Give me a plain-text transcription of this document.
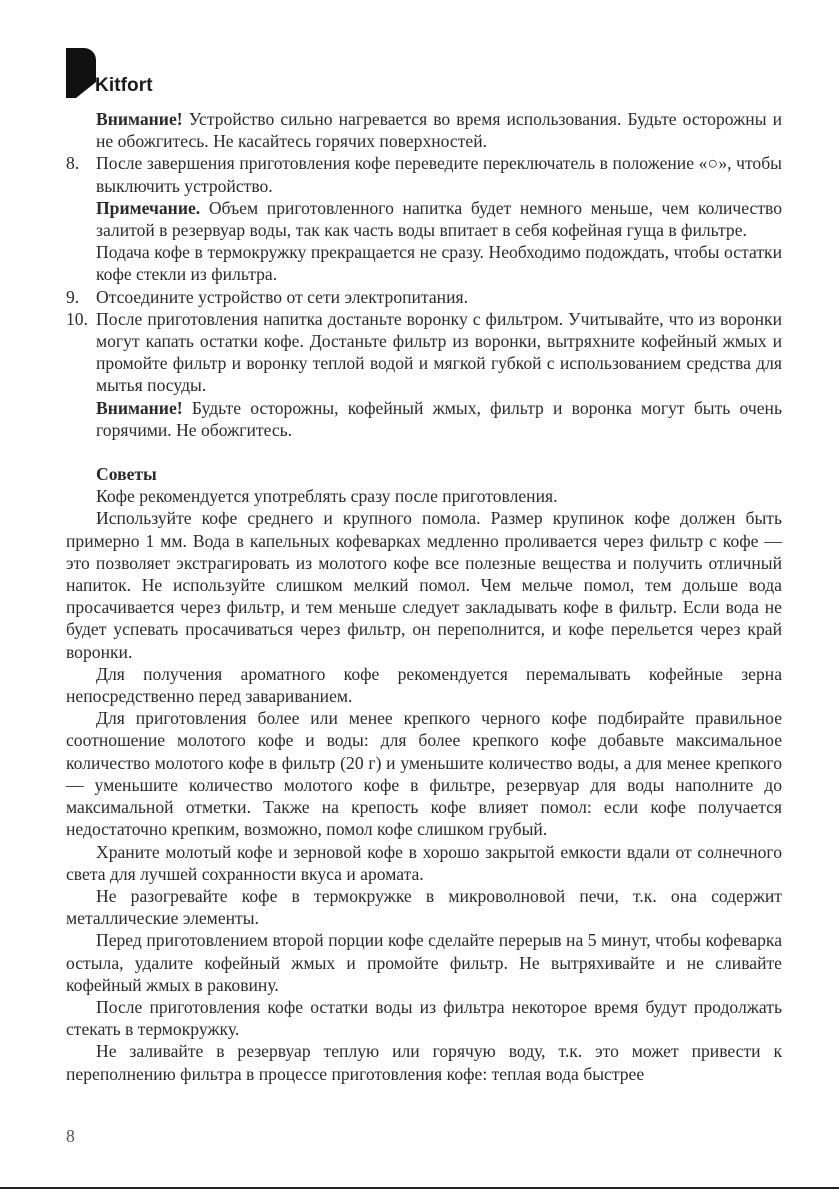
Kitfort

Внимание! Устройство сильно нагревается во время использования. Будьте осторожны и не обожгитесь. Не касайтесь горячих поверхностей.

8. После завершения приготовления кофе переведите переключатель в положение «○», чтобы выключить устройство.

Примечание. Объем приготовленного напитка будет немного меньше, чем количество залитой в резервуар воды, так как часть воды впитает в себя кофейная гуща в фильтре.

Подача кофе в термокружку прекращается не сразу. Необходимо подождать, чтобы остатки кофе стекли из фильтра.

9. Отсоедините устройство от сети электропитания.

10. После приготовления напитка достаньте воронку с фильтром. Учитывайте, что из воронки могут капать остатки кофе. Достаньте фильтр из воронки, вытряхните кофейный жмых и промойте фильтр и воронку теплой водой и мягкой губкой с использованием средства для мытья посуды.

Внимание! Будьте осторожны, кофейный жмых, фильтр и воронка могут быть очень горячими. Не обожгитесь.

Советы

Кофе рекомендуется употреблять сразу после приготовления.

Используйте кофе среднего и крупного помола. Размер крупинок кофе должен быть примерно 1 мм. Вода в капельных кофеварках медленно проливается через фильтр с кофе — это позволяет экстрагировать из молотого кофе все полезные вещества и получить отличный напиток. Не используйте слишком мелкий помол. Чем мельче помол, тем дольше вода просачивается через фильтр, и тем меньше следует закладывать кофе в фильтр. Если вода не будет успевать просачиваться через фильтр, он переполнится, и кофе перельется через край воронки.

Для получения ароматного кофе рекомендуется перемалывать кофейные зерна непосредственно перед завариванием.

Для приготовления более или менее крепкого черного кофе подбирайте правильное соотношение молотого кофе и воды: для более крепкого кофе добавьте максимальное количество молотого кофе в фильтр (20 г) и уменьшите количество воды, а для менее крепкого — уменьшите количество молотого кофе в фильтре, резервуар для воды наполните до максимальной отметки. Также на крепость кофе влияет помол: если кофе получается недостаточно крепким, возможно, помол кофе слишком грубый.

Храните молотый кофе и зерновой кофе в хорошо закрытой емкости вдали от солнечного света для лучшей сохранности вкуса и аромата.

Не разогревайте кофе в термокружке в микроволновой печи, т.к. она содержит металлические элементы.

Перед приготовлением второй порции кофе сделайте перерыв на 5 минут, чтобы кофеварка остыла, удалите кофейный жмых и промойте фильтр. Не вытряхивайте и не сливайте кофейный жмых в раковину.

После приготовления кофе остатки воды из фильтра некоторое время будут продолжать стекать в термокружку.

Не заливайте в резервуар теплую или горячую воду, т.к. это может привести к переполнению фильтра в процессе приготовления кофе: теплая вода быстрее

8
